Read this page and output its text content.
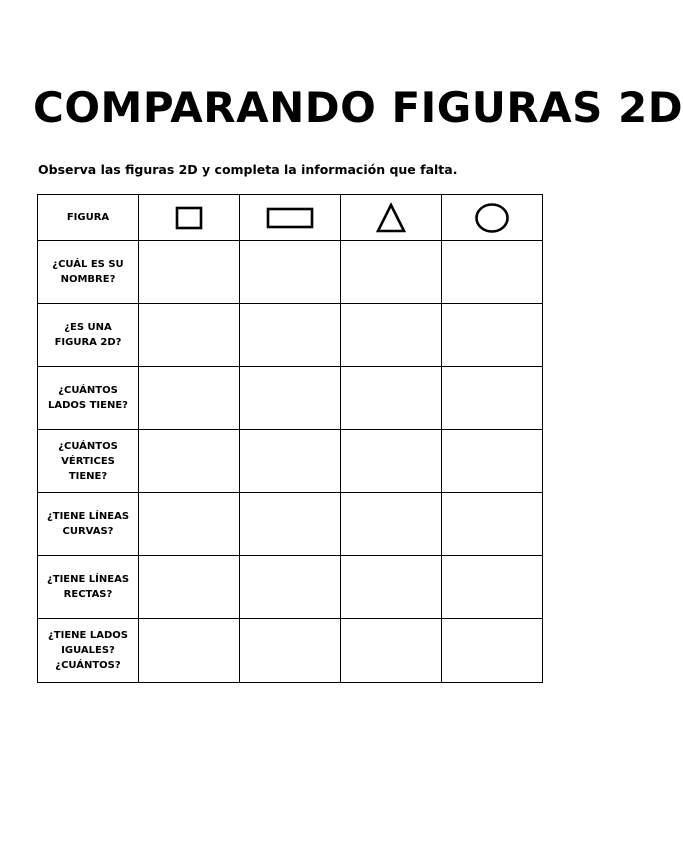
COMPARANDO FIGURAS 2D
Observa las figuras 2D y completa la información que falta.
FIGURA

¿CUÁL ES SU
NOMBRE?				

¿ES UNA
FIGURA 2D?				

¿CUÁNTOS
LADOS TIENE?				

¿CUÁNTOS
VÉRTICES TIENE?				

¿TIENE LÍNEAS
CURVAS?				

¿TIENE LÍNEAS
RECTAS?				

¿TIENE LADOS
IGUALES?
¿CUÁNTOS?				
